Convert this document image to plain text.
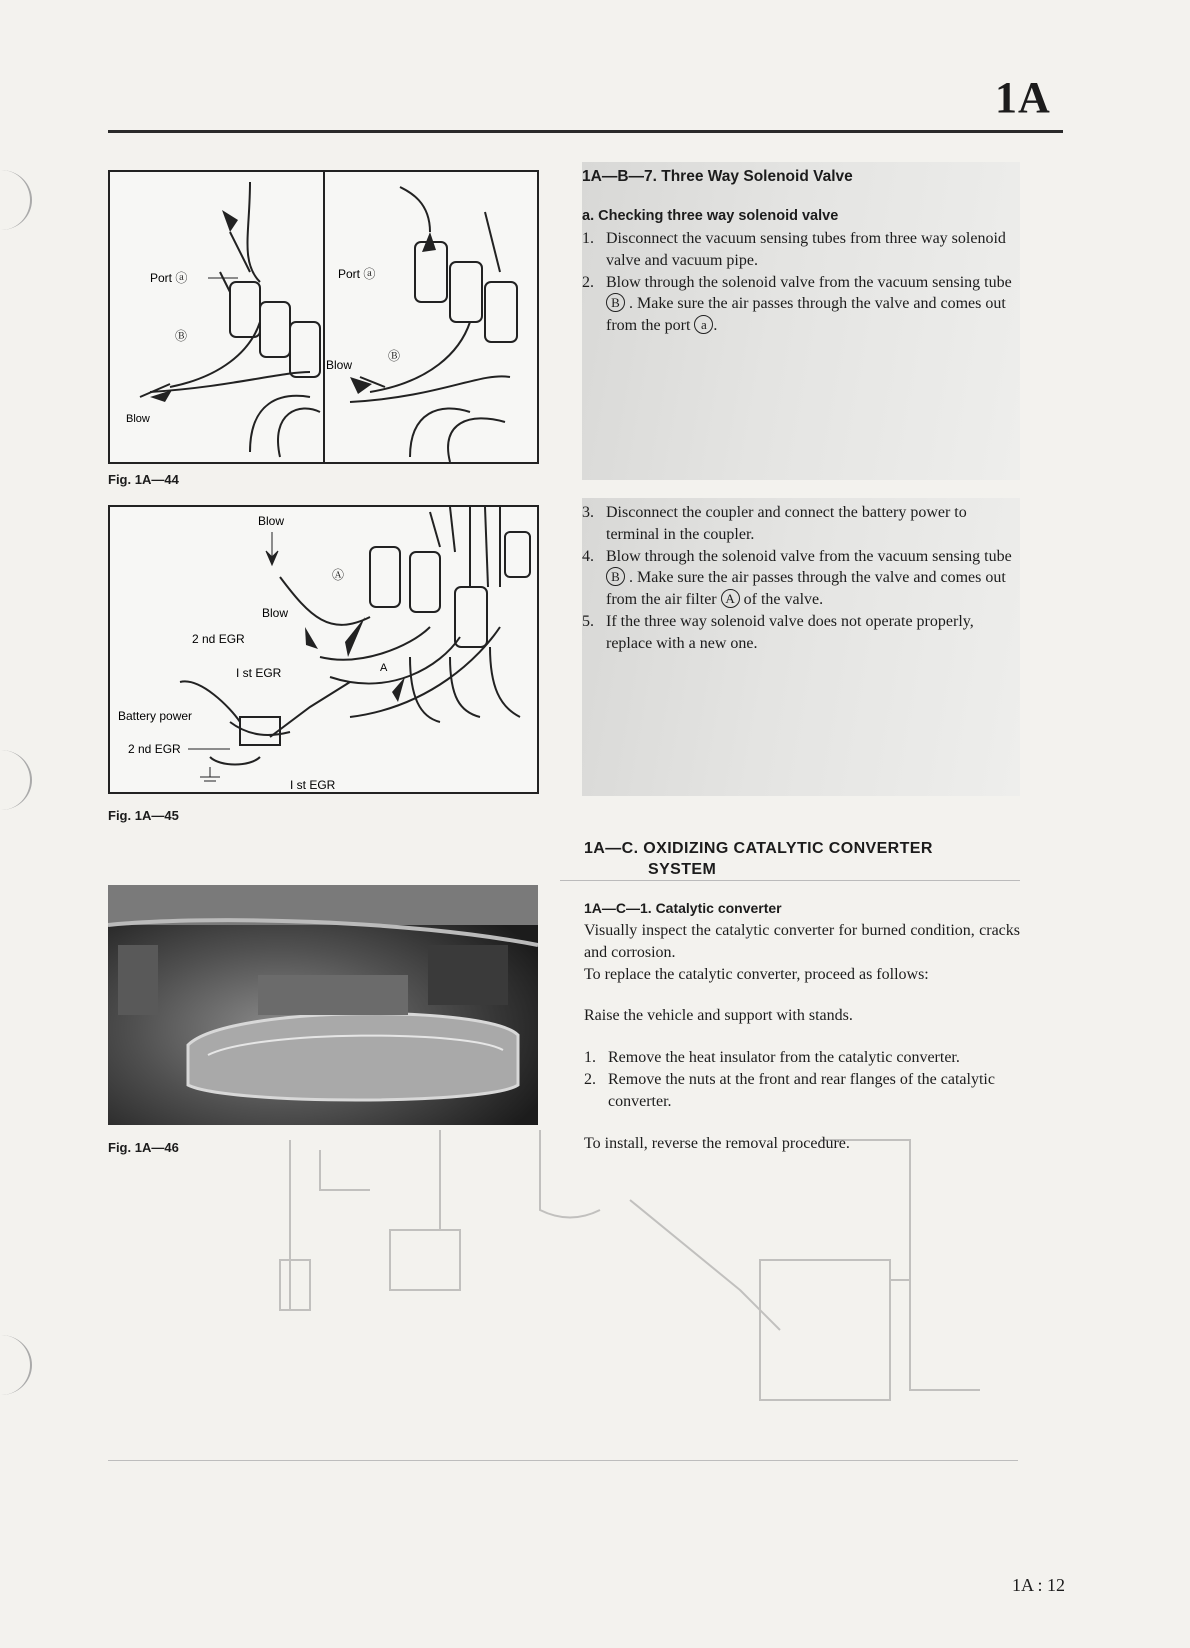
1A
Port ⓐ
Ⓑ
Blow
Port ⓐ
Ⓑ
Blow
Fig. 1A—44
1A—B—7. Three Way Solenoid Valve
a. Checking three way solenoid valve
1. Disconnect the vacuum sensing tubes from three way solenoid valve and vacuum pipe.
2. Blow through the solenoid valve from the vacuum sensing tube B . Make sure the air passes through the valve and comes out from the port a .
Blow
Blow
2 nd EGR
I st EGR
Battery power
2 nd EGR
I st EGR
Ⓐ
A
Fig. 1A—45
3. Disconnect the coupler and connect the battery power to terminal in the coupler.
4. Blow through the solenoid valve from the vacuum sensing tube B . Make sure the air passes through the valve and comes out from the air filter A of the valve.
5. If the three way solenoid valve does not operate properly, replace with a new one.
Fig. 1A—46
1A—C. OXIDIZING CATALYTIC CONVERTER
SYSTEM
1A—C—1. Catalytic converter
Visually inspect the catalytic converter for burned condition, cracks and corrosion.
To replace the catalytic converter, proceed as follows:
Raise the vehicle and support with stands.
1. Remove the heat insulator from the catalytic converter.
2. Remove the nuts at the front and rear flanges of the catalytic converter.
To install, reverse the removal procedure.
1A : 12
